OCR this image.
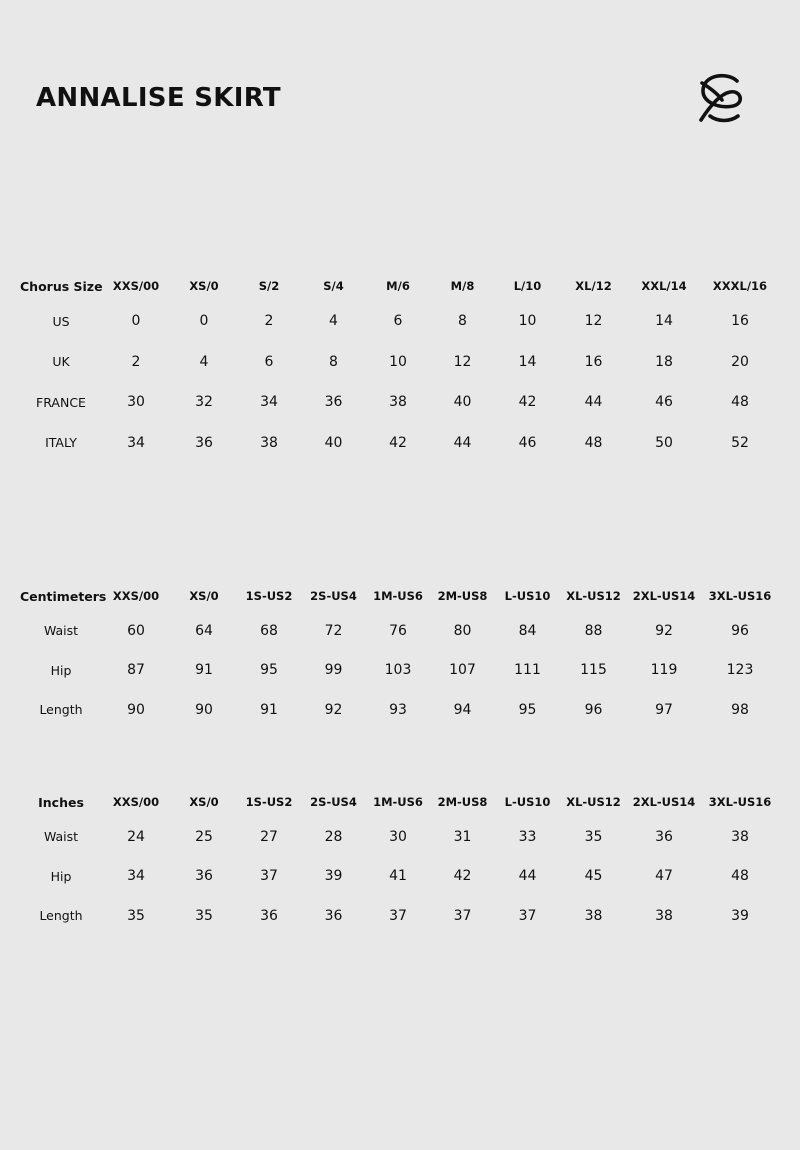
ANNALISE SKIRT
Chorus Size	XXS/00	XS/0	S/2	S/4	M/6	M/8	L/10	XL/12	XXL/14	XXXL/16
US	0	0	2	4	6	8	10	12	14	16
UK	2	4	6	8	10	12	14	16	18	20
FRANCE	30	32	34	36	38	40	42	44	46	48
ITALY	34	36	38	40	42	44	46	48	50	52
Centimeters	XXS/00	XS/0	1S-US2	2S-US4	1M-US6	2M-US8	L-US10	XL-US12	2XL-US14	3XL-US16
Waist	60	64	68	72	76	80	84	88	92	96
Hip	87	91	95	99	103	107	111	115	119	123
Length	90	90	91	92	93	94	95	96	97	98
Inches	XXS/00	XS/0	1S-US2	2S-US4	1M-US6	2M-US8	L-US10	XL-US12	2XL-US14	3XL-US16
Waist	24	25	27	28	30	31	33	35	36	38
Hip	34	36	37	39	41	42	44	45	47	48
Length	35	35	36	36	37	37	37	38	38	39
